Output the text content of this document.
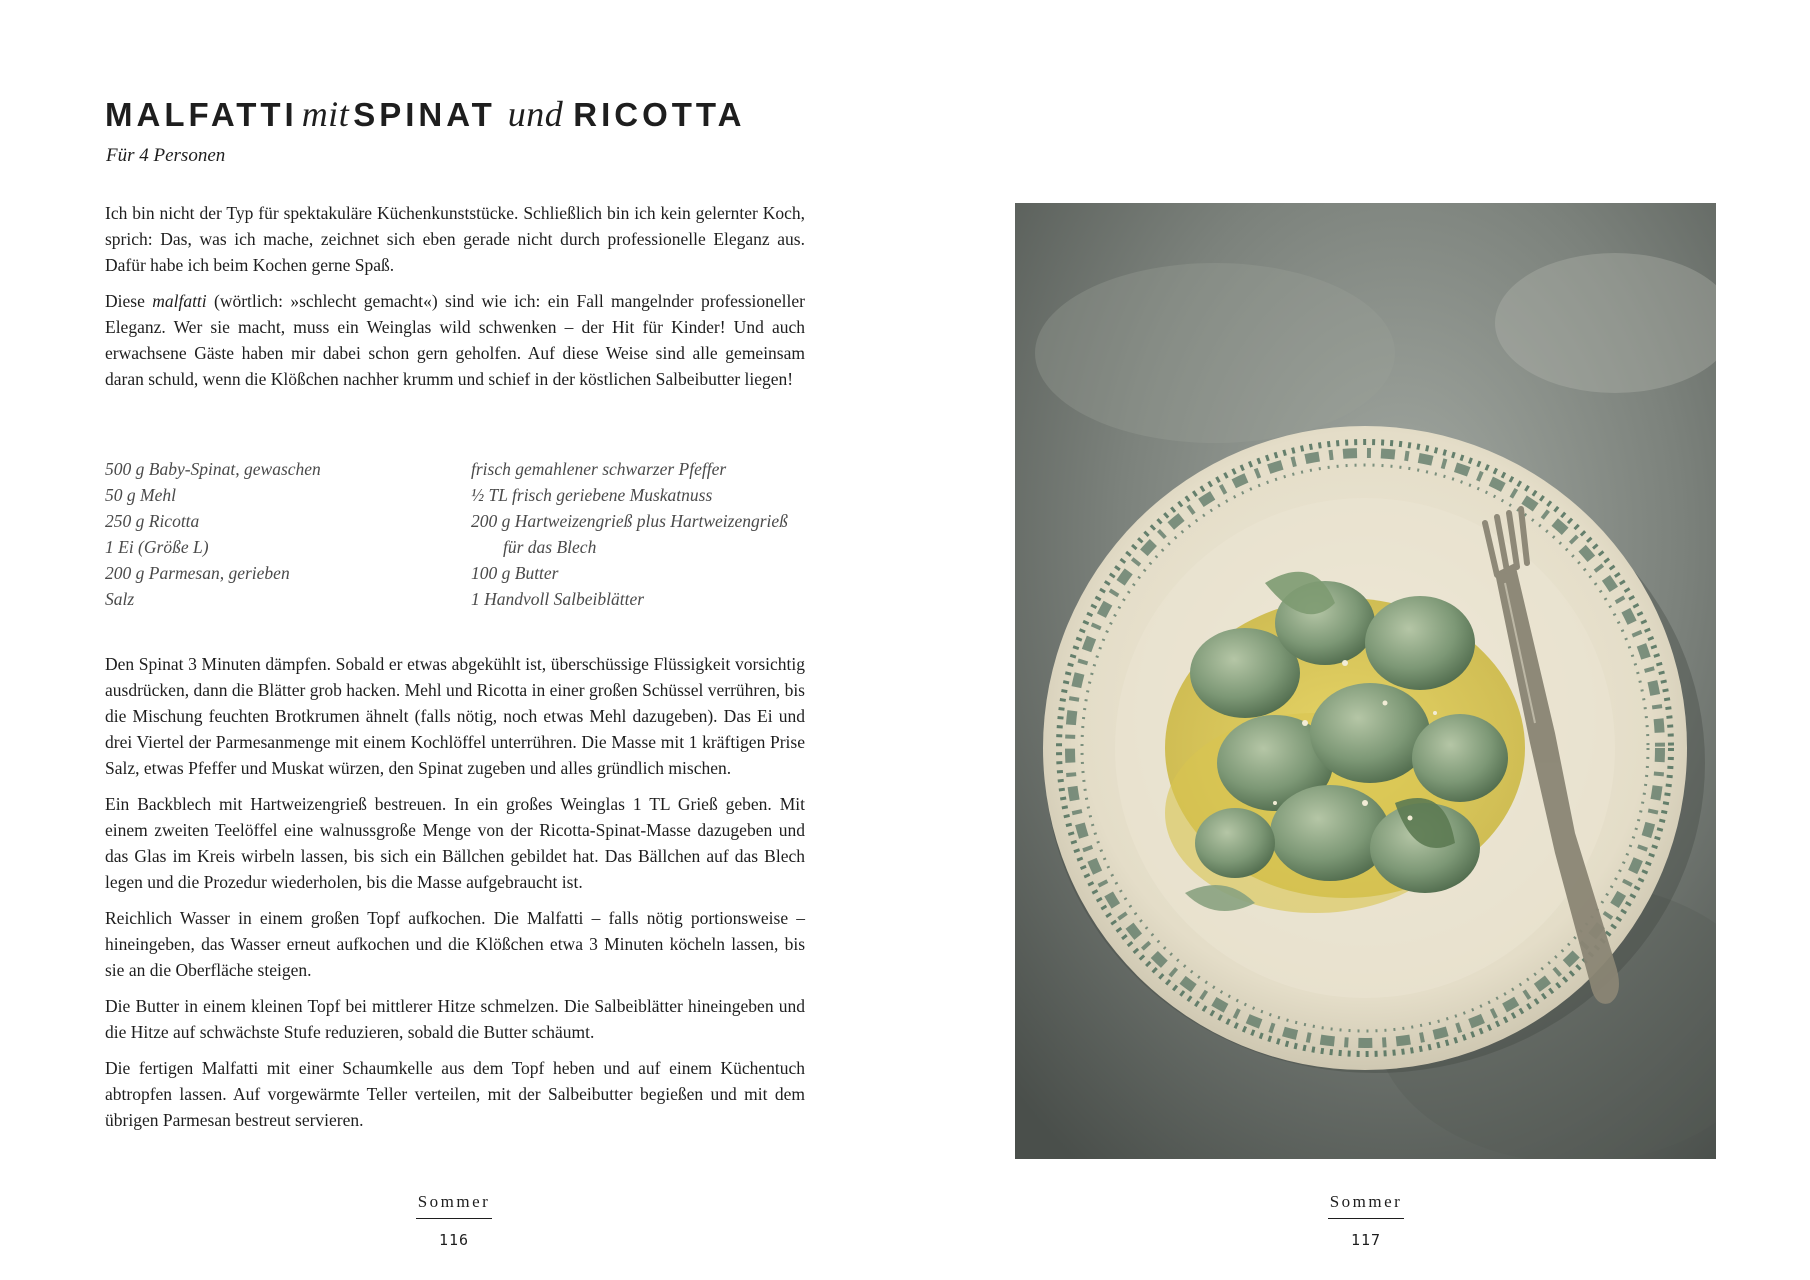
MALFATTI mit SPINAT und RICOTTA
Für 4 Personen

Ich bin nicht der Typ für spektakuläre Küchenkunststücke. Schließlich bin ich kein gelernter Koch, sprich: Das, was ich mache, zeichnet sich eben gerade nicht durch professionelle Eleganz aus. Dafür habe ich beim Kochen gerne Spaß.

Diese malfatti (wörtlich: »schlecht gemacht«) sind wie ich: ein Fall mangelnder professioneller Eleganz. Wer sie macht, muss ein Weinglas wild schwenken – der Hit für Kinder! Und auch erwachsene Gäste haben mir dabei schon gern geholfen. Auf diese Weise sind alle gemeinsam daran schuld, wenn die Klößchen nachher krumm und schief in der köstlichen Salbeibutter liegen!

500 g Baby-Spinat, gewaschen
50 g Mehl
250 g Ricotta
1 Ei (Größe L)
200 g Parmesan, gerieben
Salz
frisch gemahlener schwarzer Pfeffer
½ TL frisch geriebene Muskatnuss
200 g Hartweizengrieß plus Hartweizengrieß für das Blech
100 g Butter
1 Handvoll Salbeiblätter

Den Spinat 3 Minuten dämpfen. Sobald er etwas abgekühlt ist, überschüssige Flüssigkeit vorsichtig ausdrücken, dann die Blätter grob hacken. Mehl und Ricotta in einer großen Schüssel verrühren, bis die Mischung feuchten Brotkrumen ähnelt (falls nötig, noch etwas Mehl dazugeben). Das Ei und drei Viertel der Parmesanmenge mit einem Kochlöffel unterrühren. Die Masse mit 1 kräftigen Prise Salz, etwas Pfeffer und Muskat würzen, den Spinat zugeben und alles gründlich mischen.

Ein Backblech mit Hartweizengrieß bestreuen. In ein großes Weinglas 1 TL Grieß geben. Mit einem zweiten Teelöffel eine walnussgroße Menge von der Ricotta-Spinat-Masse dazugeben und das Glas im Kreis wirbeln lassen, bis sich ein Bällchen gebildet hat. Das Bällchen auf das Blech legen und die Prozedur wiederholen, bis die Masse aufgebraucht ist.

Reichlich Wasser in einem großen Topf aufkochen. Die Malfatti – falls nötig portionsweise – hineingeben, das Wasser erneut aufkochen und die Klößchen etwa 3 Minuten köcheln lassen, bis sie an die Oberfläche steigen.

Die Butter in einem kleinen Topf bei mittlerer Hitze schmelzen. Die Salbeiblätter hineingeben und die Hitze auf schwächste Stufe reduzieren, sobald die Butter schäumt.

Die fertigen Malfatti mit einer Schaumkelle aus dem Topf heben und auf einem Küchentuch abtropfen lassen. Auf vorgewärmte Teller verteilen, mit der Salbeibutter begießen und mit dem übrigen Parmesan bestreut servieren.

Sommer
116
Sommer
117
